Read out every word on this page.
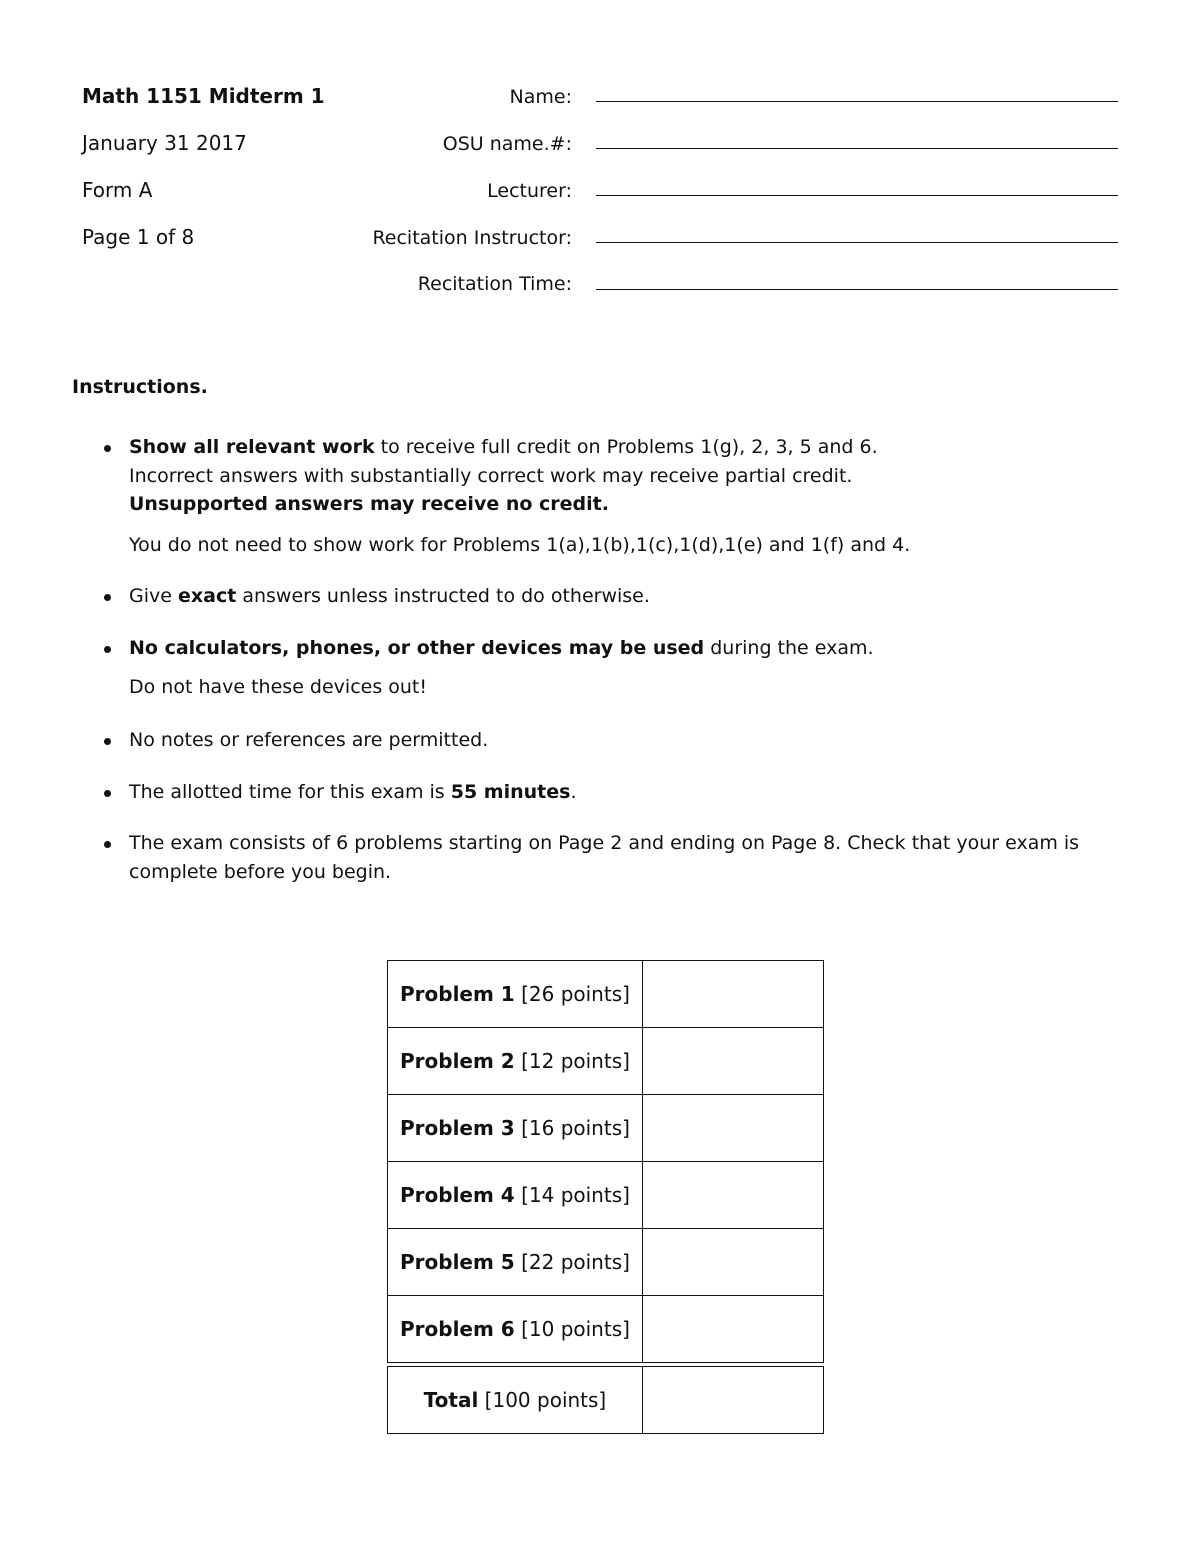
Math 1151 Midterm 1
January 31 2017
Form A
Page 1 of 8
Name:
OSU name.#:
Lecturer:
Recitation Instructor:
Recitation Time:
Instructions.
Show all relevant work to receive full credit on Problems 1(g), 2, 3, 5 and 6.
Incorrect answers with substantially correct work may receive partial credit.
Unsupported answers may receive no credit.
You do not need to show work for Problems 1(a),1(b),1(c),1(d),1(e) and 1(f) and 4.
Give exact answers unless instructed to do otherwise.
No calculators, phones, or other devices may be used during the exam.
Do not have these devices out!
No notes or references are permitted.
The allotted time for this exam is 55 minutes.
The exam consists of 6 problems starting on Page 2 and ending on Page 8. Check that your exam is
complete before you begin.
Problem 1 [26 points]	
Problem 2 [12 points]	
Problem 3 [16 points]	
Problem 4 [14 points]	
Problem 5 [22 points]	
Problem 6 [10 points]	

Total [100 points]	
